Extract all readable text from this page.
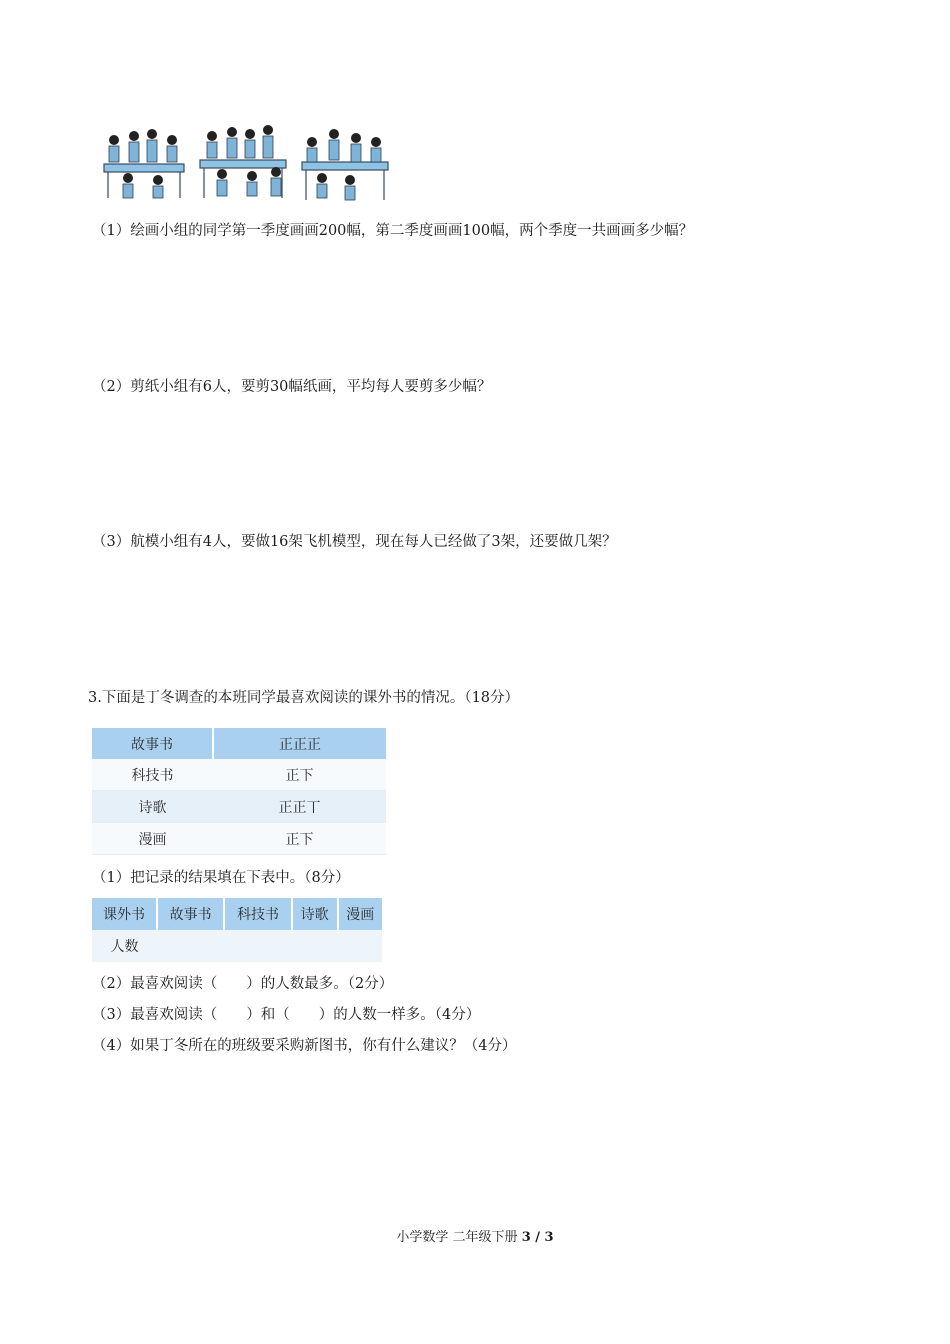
（1）绘画小组的同学第一季度画画200幅，第二季度画画100幅，两个季度一共画画多少幅？
（2）剪纸小组有6人，要剪30幅纸画，平均每人要剪多少幅？
（3）航模小组有4人，要做16架飞机模型，现在每人已经做了3架，还要做几架？
3.下面是丁冬调查的本班同学最喜欢阅读的课外书的情况。（18分）
故事书	正正正
科技书	正下
诗歌	正正丅
漫画	正下
（1）把记录的结果填在下表中。（8分）
课外书	故事书	科技书	诗歌	漫画
人数				
（2）最喜欢阅读（　　）的人数最多。（2分）
（3）最喜欢阅读（　　）和（　　）的人数一样多。（4分）
（4）如果丁冬所在的班级要采购新图书，你有什么建议？（4分）
小学数学 二年级下册 3 / 3
